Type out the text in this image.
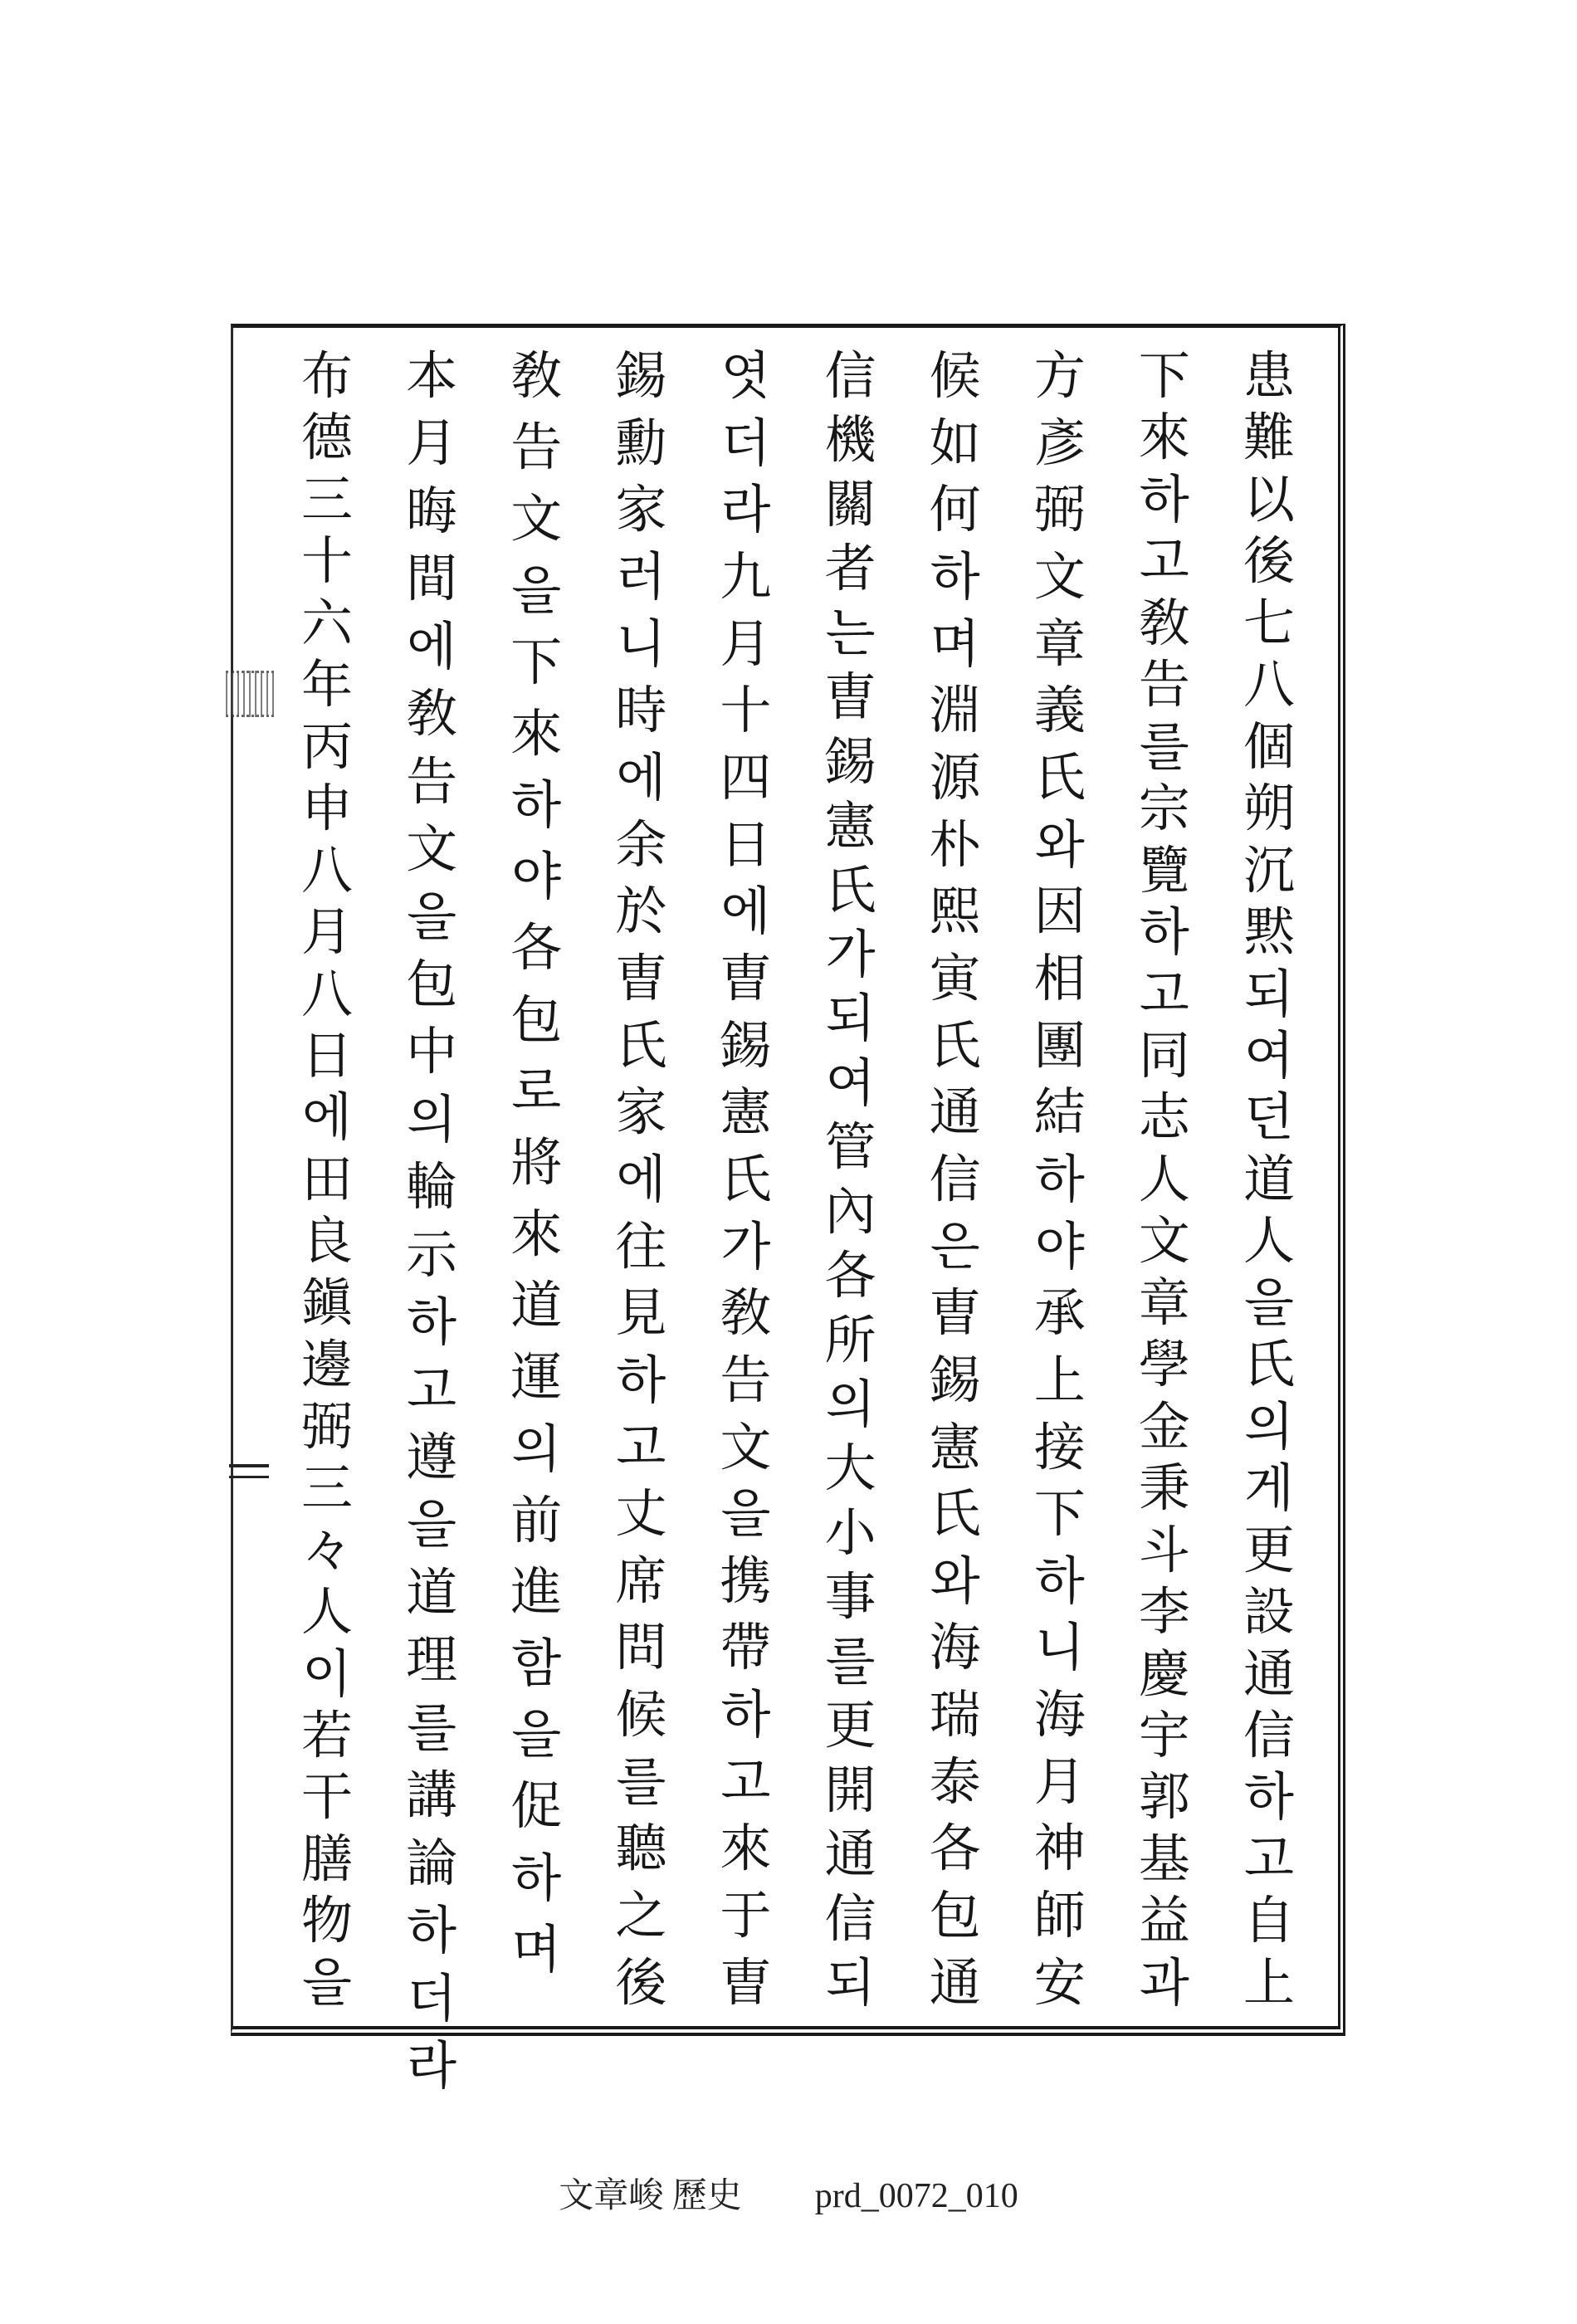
患
難
以
後
七
八
個
朔
沉
黙
되
여
던
道
人
을
氏
의
게
更
設
通
信
하
고
自
上
下
來
하
고
敎
告
를
宗
覽
하
고
同
志
人
文
章
學
金
秉
斗
李
慶
宇
郭
基
益
과
方
彥
弼
文
章
義
氏
와
因
相
團
結
하
야
承
上
接
下
하
니
海
月
神
師
安
候
如
何
하
며
淵
源
朴
熙
寅
氏
通
信
은
曺
錫
憲
氏
와
海
瑞
泰
各
包
通
信
機
關
者
는
曺
錫
憲
氏
가
되
여
管
內
各
所
의
大
小
事
를
更
開
通
信
되
엿
더
라
九
月
十
四
日
에
曺
錫
憲
氏
가
敎
告
文
을
携
帶
하
고
來
于
曺
錫
勳
家
러
니
時
에
余
於
曺
氏
家
에
往
見
하
고
丈
席
問
候
를
聽
之
後
敎
告
文
을
下
來
하
야
各
包
로
將
來
道
運
의
前
進
함
을
促
하
며
本
月
晦
間
에
敎
告
文
을
包
中
의
輪
示
하
고
遵
을
道
理
를
講
論
하
더
라
布
德
三
十
六
年
丙
申
八
月
八
日
에
田
良
鎭
邊
弼
三
々
人
이
若
干
膳
物
을
文章峻 歷史 prd_0072_010
